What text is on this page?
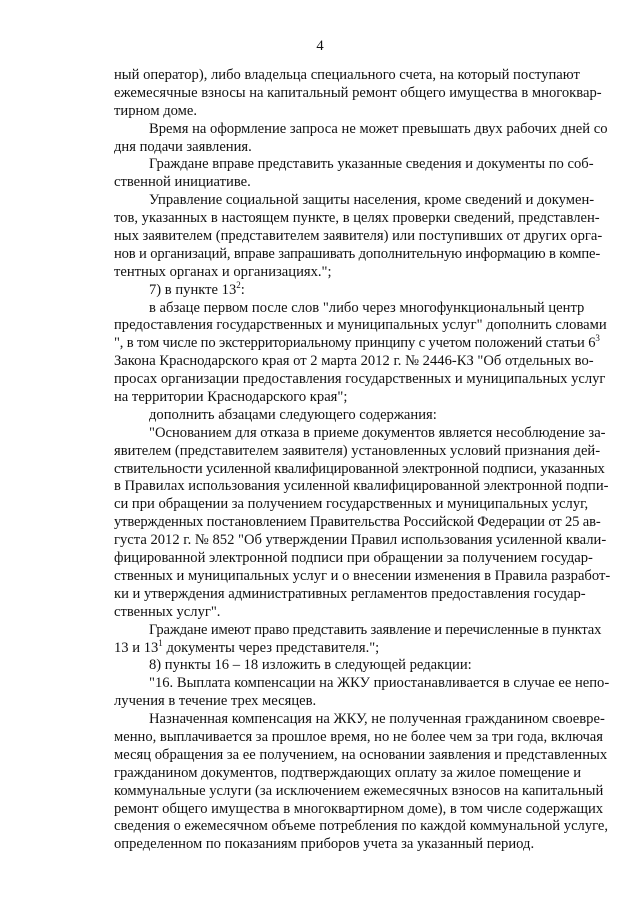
4
ный оператор), либо владельца специального счета, на который поступают
ежемесячные взносы на капитальный ремонт общего имущества в многоквар-
тирном доме.
Время на оформление запроса не может превышать двух рабочих дней со
дня подачи заявления.
Граждане вправе представить указанные сведения и документы по соб-
ственной инициативе.
Управление социальной защиты населения, кроме сведений и докумен-
тов, указанных в настоящем пункте, в целях проверки сведений, представлен-
ных заявителем (представителем заявителя) или поступивших от других орга-
нов и организаций, вправе запрашивать дополнительную информацию в компе-
тентных органах и организациях.";
7) в пункте $13^2$:
в абзаце первом после слов "либо через многофункциональный центр
предоставления государственных и муниципальных услуг" дополнить словами
", в том числе по экстерриториальному принципу с учетом положений статьи $6^3$
Закона Краснодарского края от 2 марта 2012 г. № 2446-КЗ "Об отдельных во-
просах организации предоставления государственных и муниципальных услуг
на территории Краснодарского края";
дополнить абзацами следующего содержания:
"Основанием для отказа в приеме документов является несоблюдение за-
явителем (представителем заявителя) установленных условий признания дей-
ствительности усиленной квалифицированной электронной подписи, указанных
в Правилах использования усиленной квалифицированной электронной подпи-
си при обращении за получением государственных и муниципальных услуг,
утвержденных постановлением Правительства Российской Федерации от 25 ав-
густа 2012 г. № 852 "Об утверждении Правил использования усиленной квали-
фицированной электронной подписи при обращении за получением государ-
ственных и муниципальных услуг и о внесении изменения в Правила разработ-
ки и утверждения административных регламентов предоставления государ-
ственных услуг".
Граждане имеют право представить заявление и перечисленные в пунктах
13 и $13^1$ документы через представителя.";
8) пункты 16 – 18 изложить в следующей редакции:
"16. Выплата компенсации на ЖКУ приостанавливается в случае ее непо-
лучения в течение трех месяцев.
Назначенная компенсация на ЖКУ, не полученная гражданином своевре-
менно, выплачивается за прошлое время, но не более чем за три года, включая
месяц обращения за ее получением, на основании заявления и представленных
гражданином документов, подтверждающих оплату за жилое помещение и
коммунальные услуги (за исключением ежемесячных взносов на капитальный
ремонт общего имущества в многоквартирном доме), в том числе содержащих
сведения о ежемесячном объеме потребления по каждой коммунальной услуге,
определенном по показаниям приборов учета за указанный период.
